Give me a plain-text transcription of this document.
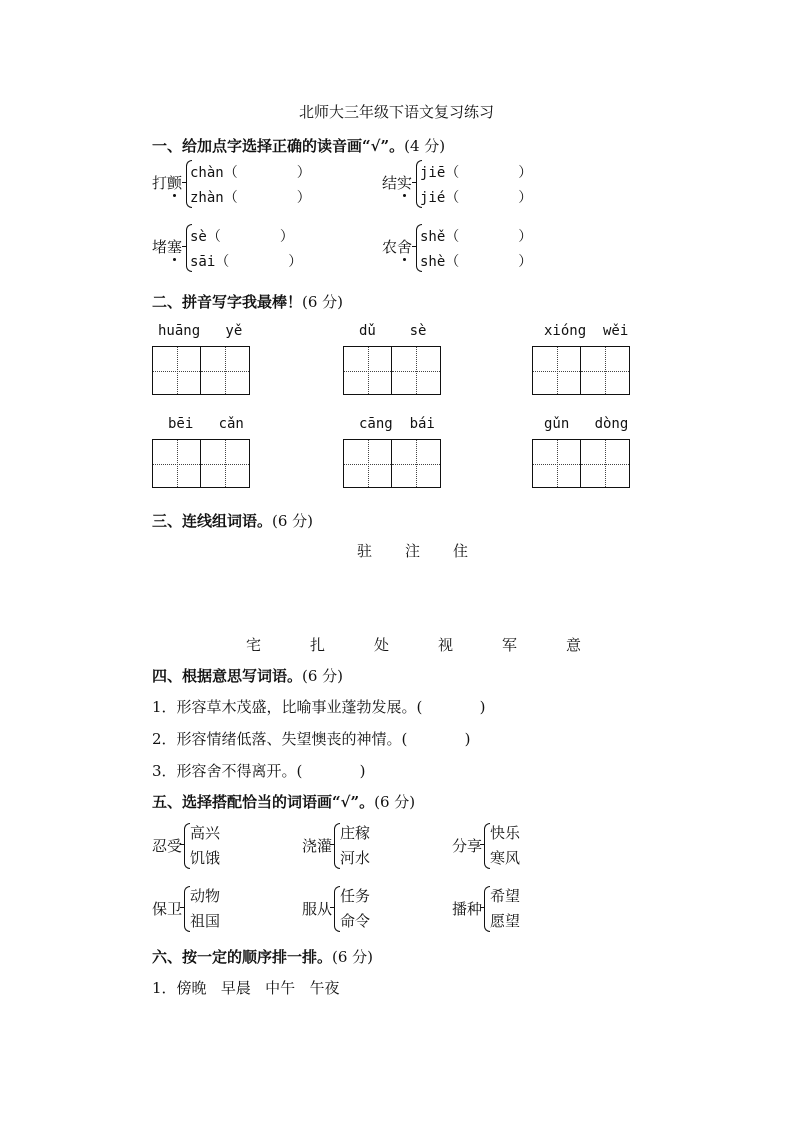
北师大三年级下语文复习练习
一、给加点字选择正确的读音画“√”。(4 分)
打颤
chàn（       ）
zhàn（       ）
结实
jiē（       ）
jié（       ）
堵塞
sè（       ）
sāi（       ）
农舍
shě（       ）
shè（       ）
二、拼音写字我最棒！(6 分)
huāng   yě	dǔ    sè	xióng  wěi
bēi   cǎn	cāng  bái	gǔn   dòng
三、连线组词语。(6 分)
驻 注 住
宅	扎	处	视	军	意
四、根据意思写词语。(6 分)
1．形容草木茂盛，比喻事业蓬勃发展。(            )
2．形容情绪低落、失望懊丧的神情。(            )
3．形容舍不得离开。(            )
五、选择搭配恰当的词语画“√”。(6 分)
忍受
高兴
饥饿
浇灌
庄稼
河水
分享
快乐
寒风
保卫
动物
祖国
服从
任务
命令
播种
希望
愿望
六、按一定的顺序排一排。(6 分)
1．傍晚   早晨   中午   午夜
